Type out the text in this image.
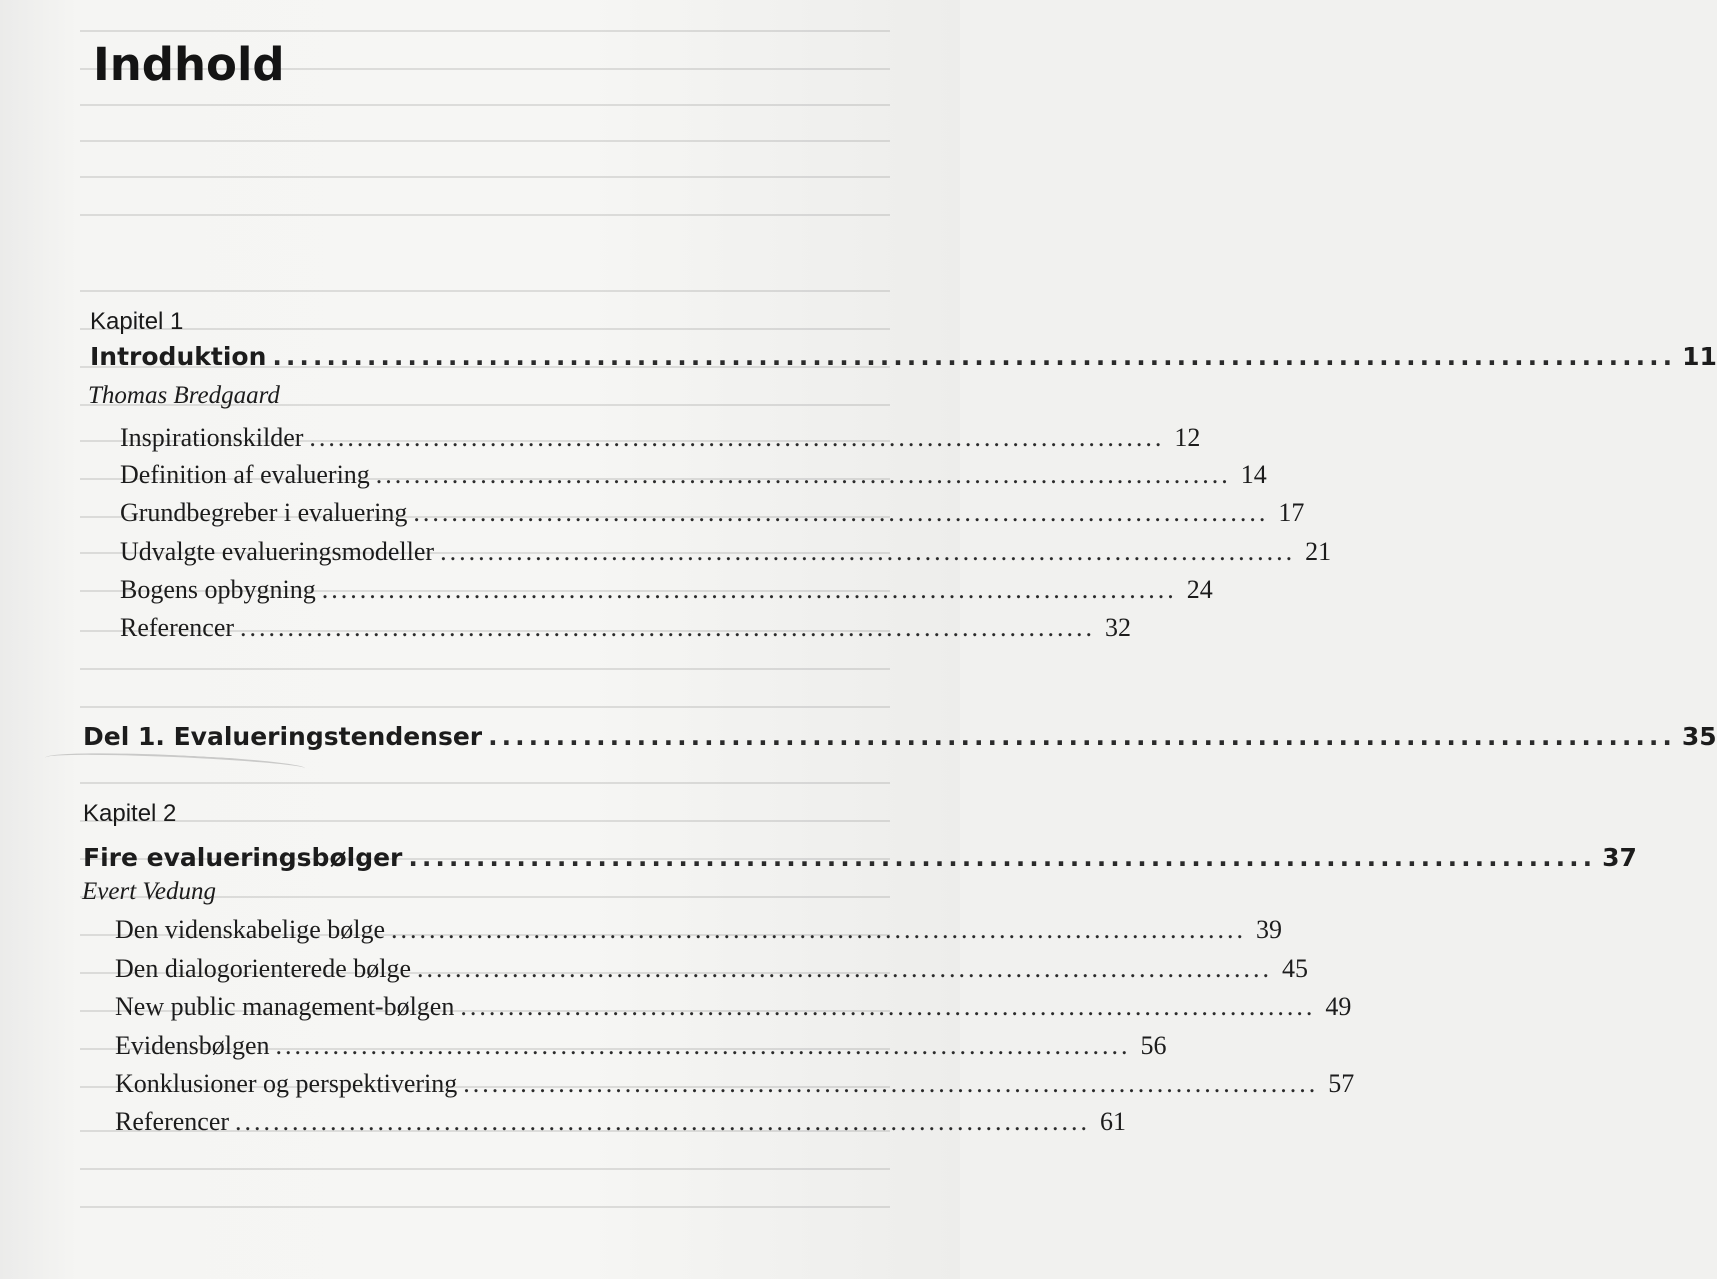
Indhold
Kapitel 1
Introduktion ........................................................................................................ 11
Thomas Bredgaard
Inspirationskilder .......................................................................................... 12
Definition af evaluering .......................................................................................... 14
Grundbegreber i evaluering .......................................................................................... 17
Udvalgte evalueringsmodeller .......................................................................................... 21
Bogens opbygning .......................................................................................... 24
Referencer .......................................................................................... 32
Del 1. Evalueringstendenser ........................................................................................ 35
Kapitel 2
Fire evalueringsbølger ........................................................................................ 37
Evert Vedung
Den videnskabelige bølge .......................................................................................... 39
Den dialogorienterede bølge .......................................................................................... 45
New public management-bølgen .......................................................................................... 49
Evidensbølgen .......................................................................................... 56
Konklusioner og perspektivering .......................................................................................... 57
Referencer .......................................................................................... 61
